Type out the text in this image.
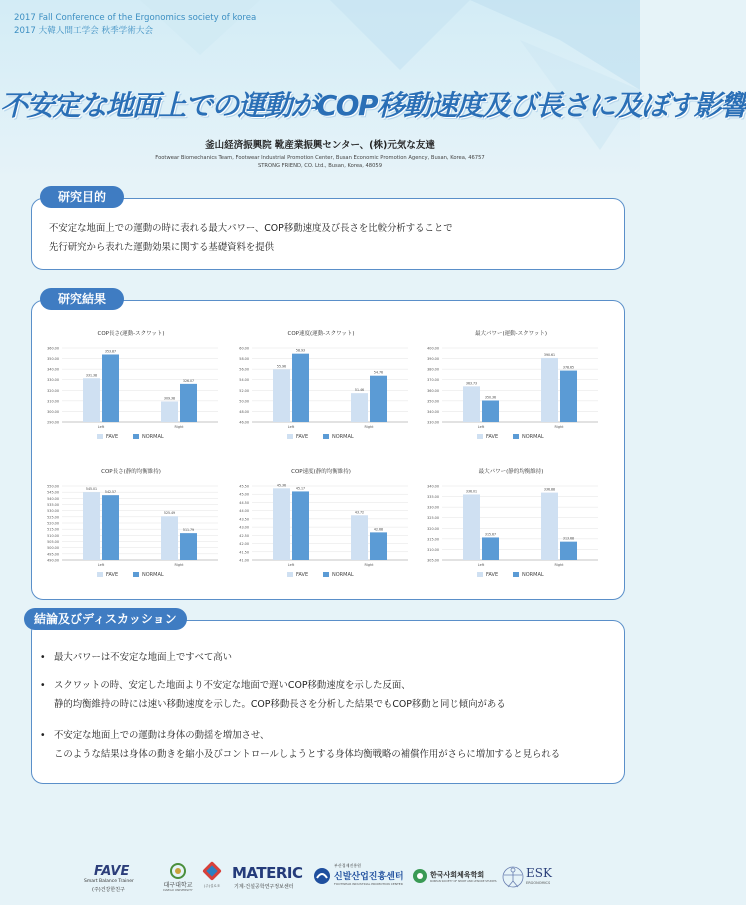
2017 Fall Conference of the Ergonomics society of korea
2017 大韓人間工学会 秋季学術大会
不安定な地面上での運動がCOP移動速度及び長さに及ぼす影響
釜山経済振興院 靴産業振興センター、(株)元気な友達
Footwear Biomechanics Team, Footwear Industrial Promotion Center, Busan Economic Promotion Agency, Busan, Korea, 46757
STRONG FRIEND, CO. Ltd., Busan, Korea, 48059
研究目的
不安定な地面上での運動の時に表れる最大パワー、COP移動速度及び長さを比較分析することで
先行研究から表れた運動効果に関する基礎資料を提供
研究結果
COP長さ(運動-スクワット)
290.00
300.00
310.00
320.00
330.00
340.00
350.00
360.00
331.38
353.87
Left
309.38
326.07
Right
FAVE	NORMAL
COP速度(運動-スクワット)
46.00
48.00
50.00
52.00
54.00
56.00
58.00
60.00
55.96
58.93
Left
51.46
54.76
Right
FAVE	NORMAL
最大パワー(運動-スクワット)
330.00
340.00
350.00
360.00
370.00
380.00
390.00
400.00
363.73
350.36
Left
390.61
378.65
Right
FAVE	NORMAL
COP長さ(静的均衡維持)
490.00
495.00
500.00
505.00
510.00
515.00
520.00
525.00
530.00
535.00
540.00
545.00
550.00
545.01
542.57
Left
525.49
511.79
Right
FAVE	NORMAL
COP速度(静的均衡維持)
41.00
41.50
42.00
42.50
43.00
43.50
44.00
44.50
45.00
45.50	45.36
45.17
Left
43.72
42.68
Right
FAVE	NORMAL
最大パワー(静的均衡維持)
305.00
310.00
315.00
320.00
325.00
330.00
335.00
340.00
336.01
315.67
Left
336.88
313.68
Right
FAVE	NORMAL
結論及びディスカッション
• 最大パワーは不安定な地面上ですべて高い
• スクワットの時、安定した地面より不安定な地面で遅いCOP移動速度を示した反面、
静的均衡維持の時には速い移動速度を示した。COP移動長さを分析した結果でもCOP移動と同じ傾向がある
• 不安定な地面上での運動は身体の動揺を増加させ、
このような結果は身体の動きを縮小及びコントロールしようとする身体均衡戦略の補償作用がさらに増加すると見られる
FAVE
Smart Balance Trainer
(주)건강한친구
대구대학교
DAEGU UNIVERSITY
(주)설로조
MATERIC
기계·건설공학연구정보센터
부산경제진흥원
신발산업진흥센터
FOOTWEAR INDUSTRIAL PROMOTION CENTER
한국사회체육학회
KOREAN SOCIETY OF SPORT AND LEISURE STUDIES
ESK
ERGONOMICS
